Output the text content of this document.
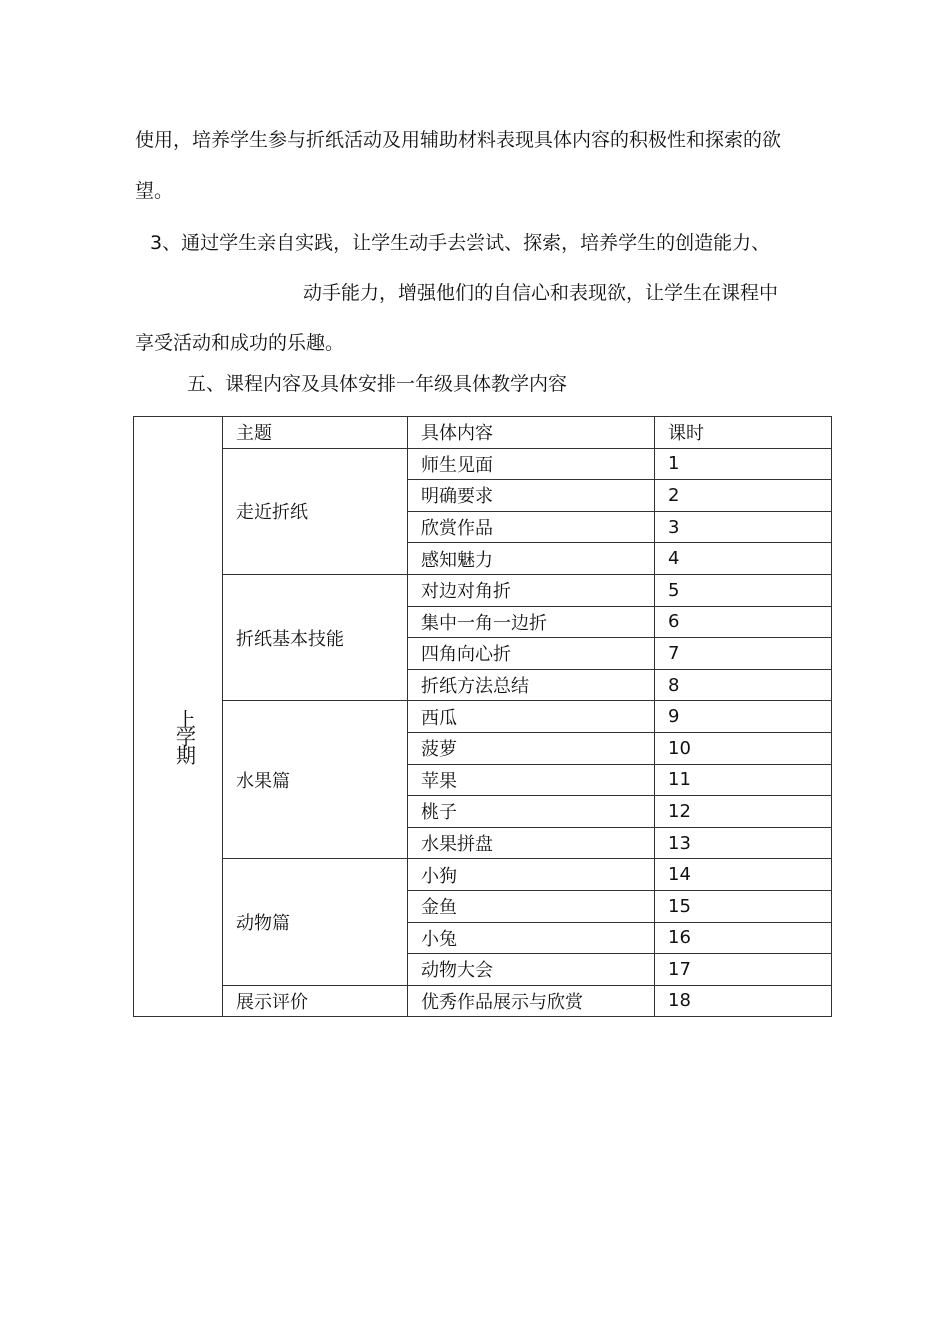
使用，培养学生参与折纸活动及用辅助材料表现具体内容的积极性和探索的欲
望。
3、通过学生亲自实践，让学生动手去尝试、探索，培养学生的创造能力、
动手能力，增强他们的自信心和表现欲，让学生在课程中
享受活动和成功的乐趣。
五、课程内容及具体安排一年级具体教学内容
上学期	主题	具体内容	课时
	走近折纸	师生见面	1
		明确要求	2
		欣赏作品	3
		感知魅力	4
	折纸基本技能	对边对角折	5
		集中一角一边折	6
		四角向心折	7
		折纸方法总结	8
	水果篇	西瓜	9
		菠萝	10
		苹果	11
		桃子	12
		水果拼盘	13
	动物篇	小狗	14
		金鱼	15
		小兔	16
		动物大会	17
	展示评价	优秀作品展示与欣赏	18
